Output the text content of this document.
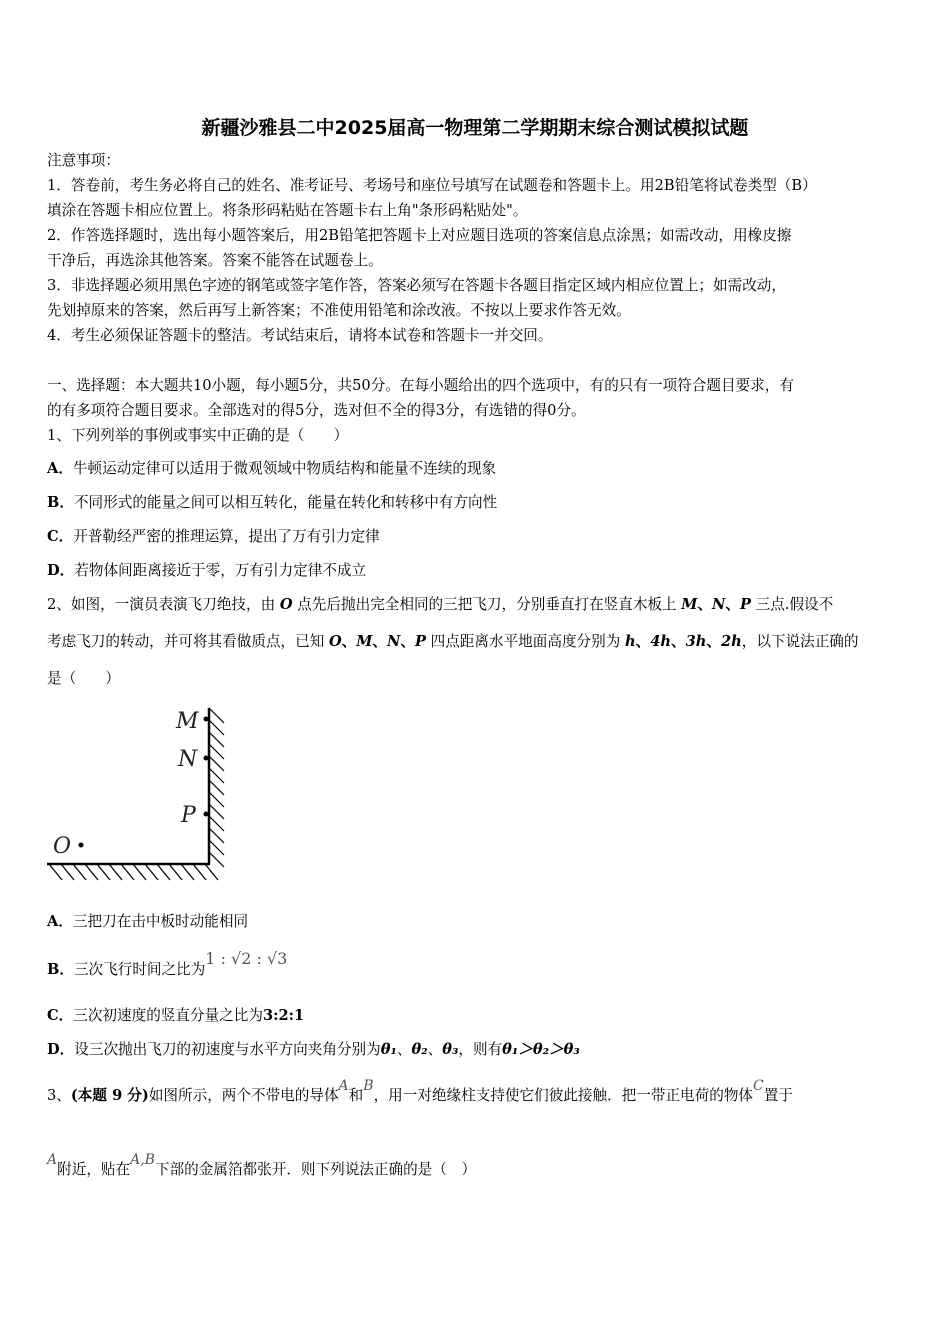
新疆沙雅县二中2025届高一物理第二学期期末综合测试模拟试题
注意事项：
1．答卷前，考生务必将自己的姓名、准考证号、考场号和座位号填写在试题卷和答题卡上。用2B铅笔将试卷类型（B）
填涂在答题卡相应位置上。将条形码粘贴在答题卡右上角"条形码粘贴处"。
2．作答选择题时，选出每小题答案后，用2B铅笔把答题卡上对应题目选项的答案信息点涂黑；如需改动，用橡皮擦
干净后，再选涂其他答案。答案不能答在试题卷上。
3．非选择题必须用黑色字迹的钢笔或签字笔作答，答案必须写在答题卡各题目指定区域内相应位置上；如需改动，
先划掉原来的答案，然后再写上新答案；不准使用铅笔和涂改液。不按以上要求作答无效。
4．考生必须保证答题卡的整洁。考试结束后，请将本试卷和答题卡一并交回。
一、选择题：本大题共10小题，每小题5分，共50分。在每小题给出的四个选项中，有的只有一项符合题目要求，有
的有多项符合题目要求。全部选对的得5分，选对但不全的得3分，有选错的得0分。
1、下列列举的事例或事实中正确的是（　　）
A．牛顿运动定律可以适用于微观领域中物质结构和能量不连续的现象
B．不同形式的能量之间可以相互转化，能量在转化和转移中有方向性
C．开普勒经严密的推理运算，提出了万有引力定律
D．若物体间距离接近于零，万有引力定律不成立
2、如图，一演员表演飞刀绝技，由 O 点先后抛出完全相同的三把飞刀，分别垂直打在竖直木板上 M、N、P 三点.假设不
考虑飞刀的转动，并可将其看做质点，已知 O、M、N、P 四点距离水平地面高度分别为 h、4h、3h、2h，以下说法正确的
是（　　）
M
N
P
O
A．三把刀在击中板时动能相同
B．三次飞行时间之比为1 : √2 : √3
C．三次初速度的竖直分量之比为3:2:1
D．设三次抛出飞刀的初速度与水平方向夹角分别为θ₁、θ₂、θ₃，则有θ₁＞θ₂＞θ₃
3、(本题 9 分)如图所示，两个不带电的导体A和B，用一对绝缘柱支持使它们彼此接触．把一带正电荷的物体C置于
A附近，贴在A,B下部的金属箔都张开．则下列说法正确的是（　）
